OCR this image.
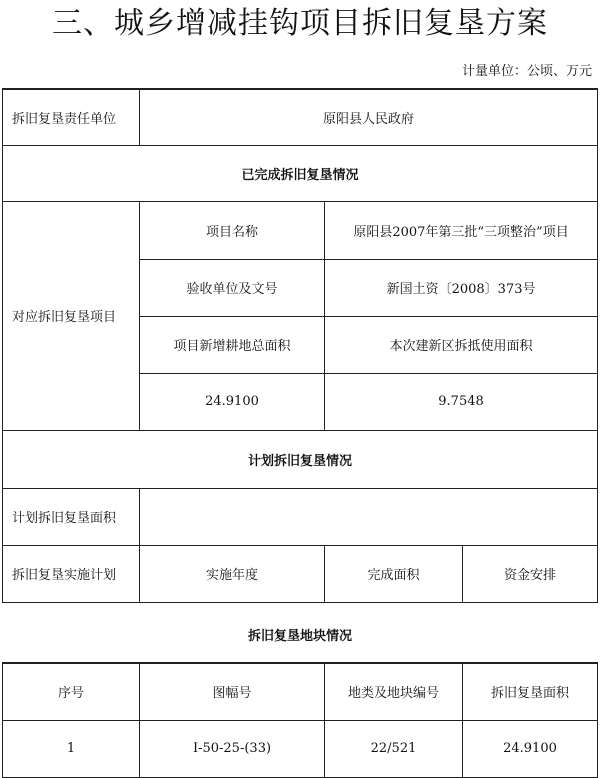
三、城乡增减挂钩项目拆旧复垦方案
计量单位：公顷、万元
拆旧复垦责任单位	原阳县人民政府		
已完成拆旧复垦情况			
对应拆旧复垦项目	项目名称	原阳县2007年第三批“三项整治”项目	
	验收单位及文号	新国土资〔2008〕373号	
	项目新增耕地总面积	本次建新区拆抵使用面积	
	24.9100	9.7548	
计划拆旧复垦情况			
计划拆旧复垦面积			
拆旧复垦实施计划	实施年度	完成面积	资金安排
拆旧复垦地块情况
序号	图幅号	地类及地块编号	拆旧复垦面积
1	I-50-25-(33)	22/521	24.9100
